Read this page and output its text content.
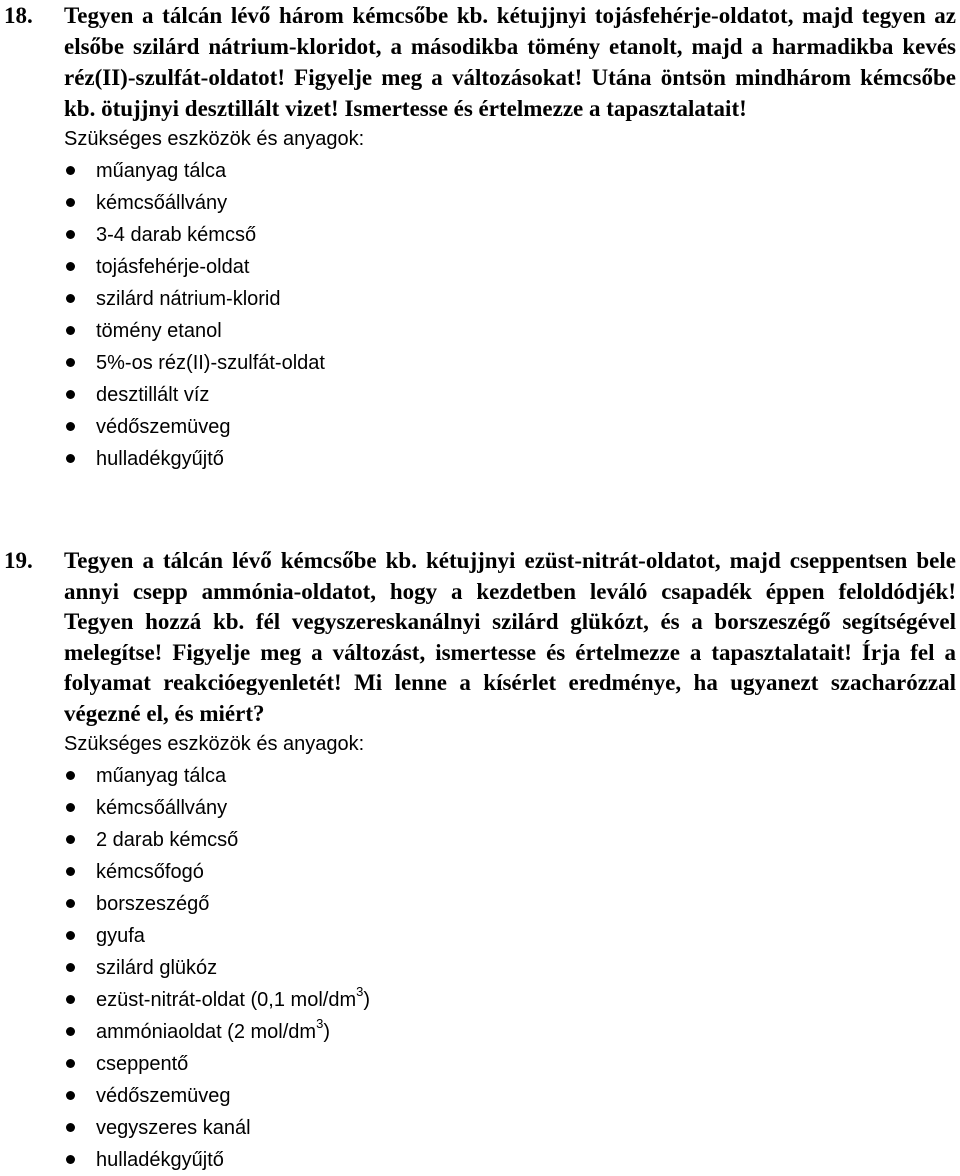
18. Tegyen a tálcán lévő három kémcsőbe kb. kétujjnyi tojásfehérje-oldatot, majd tegyen az elsőbe szilárd nátrium-kloridot, a másodikba tömény etanolt, majd a harmadikba kevés réz(II)-szulfát-oldatot! Figyelje meg a változásokat! Utána öntsön mindhárom kémcsőbe kb. ötujjnyi desztillált vizet! Ismertesse és értelmezze a tapasztalatait!

Szükséges eszközök és anyagok:

műanyag tálca
kémcsőállvány
3-4 darab kémcső
tojásfehérje-oldat
szilárd nátrium-klorid
tömény etanol
5%-os réz(II)-szulfát-oldat
desztillált víz
védőszemüveg
hulladékgyűjtő

19. Tegyen a tálcán lévő kémcsőbe kb. kétujjnyi ezüst-nitrát-oldatot, majd cseppentsen bele annyi csepp ammónia-oldatot, hogy a kezdetben leváló csapadék éppen feloldódjék! Tegyen hozzá kb. fél vegyszereskanálnyi szilárd glükózt, és a borszeszégő segítségével melegítse! Figyelje meg a változást, ismertesse és értelmezze a tapasztalatait! Írja fel a folyamat reakcióegyenletét! Mi lenne a kísérlet eredménye, ha ugyanezt szacharózzal végezné el, és miért?

Szükséges eszközök és anyagok:

műanyag tálca
kémcsőállvány
2 darab kémcső
kémcsőfogó
borszeszégő
gyufa
szilárd glükóz
ezüst-nitrát-oldat (0,1 mol/$dm^3$)
ammóniaoldat (2 mol/$dm^3$)
cseppentő
védőszemüveg
vegyszeres kanál
hulladékgyűjtő
